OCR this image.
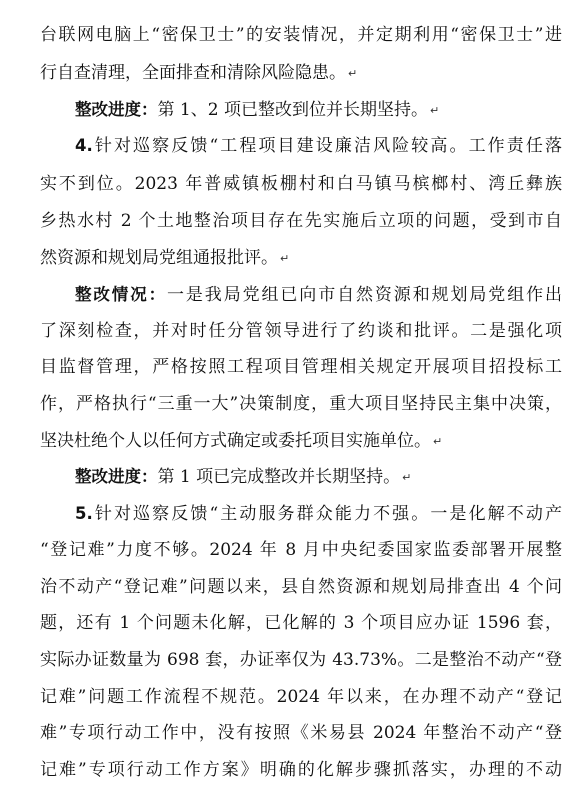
台联网电脑上“密保卫士”的安装情况，并定期利用“密保卫士”进
行自查清理，全面排查和清除风险隐患。 ↵
整改进度：第 1、2 项已整改到位并长期坚持。 ↵
4.针对巡察反馈“工程项目建设廉洁风险较高。工作责任落
实不到位。2023 年普威镇板棚村和白马镇马槟榔村、湾丘彝族
乡热水村 2 个土地整治项目存在先实施后立项的问题，受到市自
然资源和规划局党组通报批评。 ↵
整改情况：一是我局党组已向市自然资源和规划局党组作出
了深刻检查，并对时任分管领导进行了约谈和批评。二是强化项
目监督管理，严格按照工程项目管理相关规定开展项目招投标工
作，严格执行“三重一大”决策制度，重大项目坚持民主集中决策，
坚决杜绝个人以任何方式确定或委托项目实施单位。 ↵
整改进度：第 1 项已完成整改并长期坚持。 ↵
5.针对巡察反馈“主动服务群众能力不强。一是化解不动产
“登记难”力度不够。2024 年 8 月中央纪委国家监委部署开展整
治不动产“登记难”问题以来，县自然资源和规划局排查出 4 个问
题，还有 1 个问题未化解，已化解的 3 个项目应办证 1596 套，
实际办证数量为 698 套，办证率仅为 43.73%。二是整治不动产“登
记难”问题工作流程不规范。2024 年以来，在办理不动产“登记
难”专项行动工作中，没有按照《米易县 2024 年整治不动产“登
记难”专项行动工作方案》明确的化解步骤抓落实，办理的不动
